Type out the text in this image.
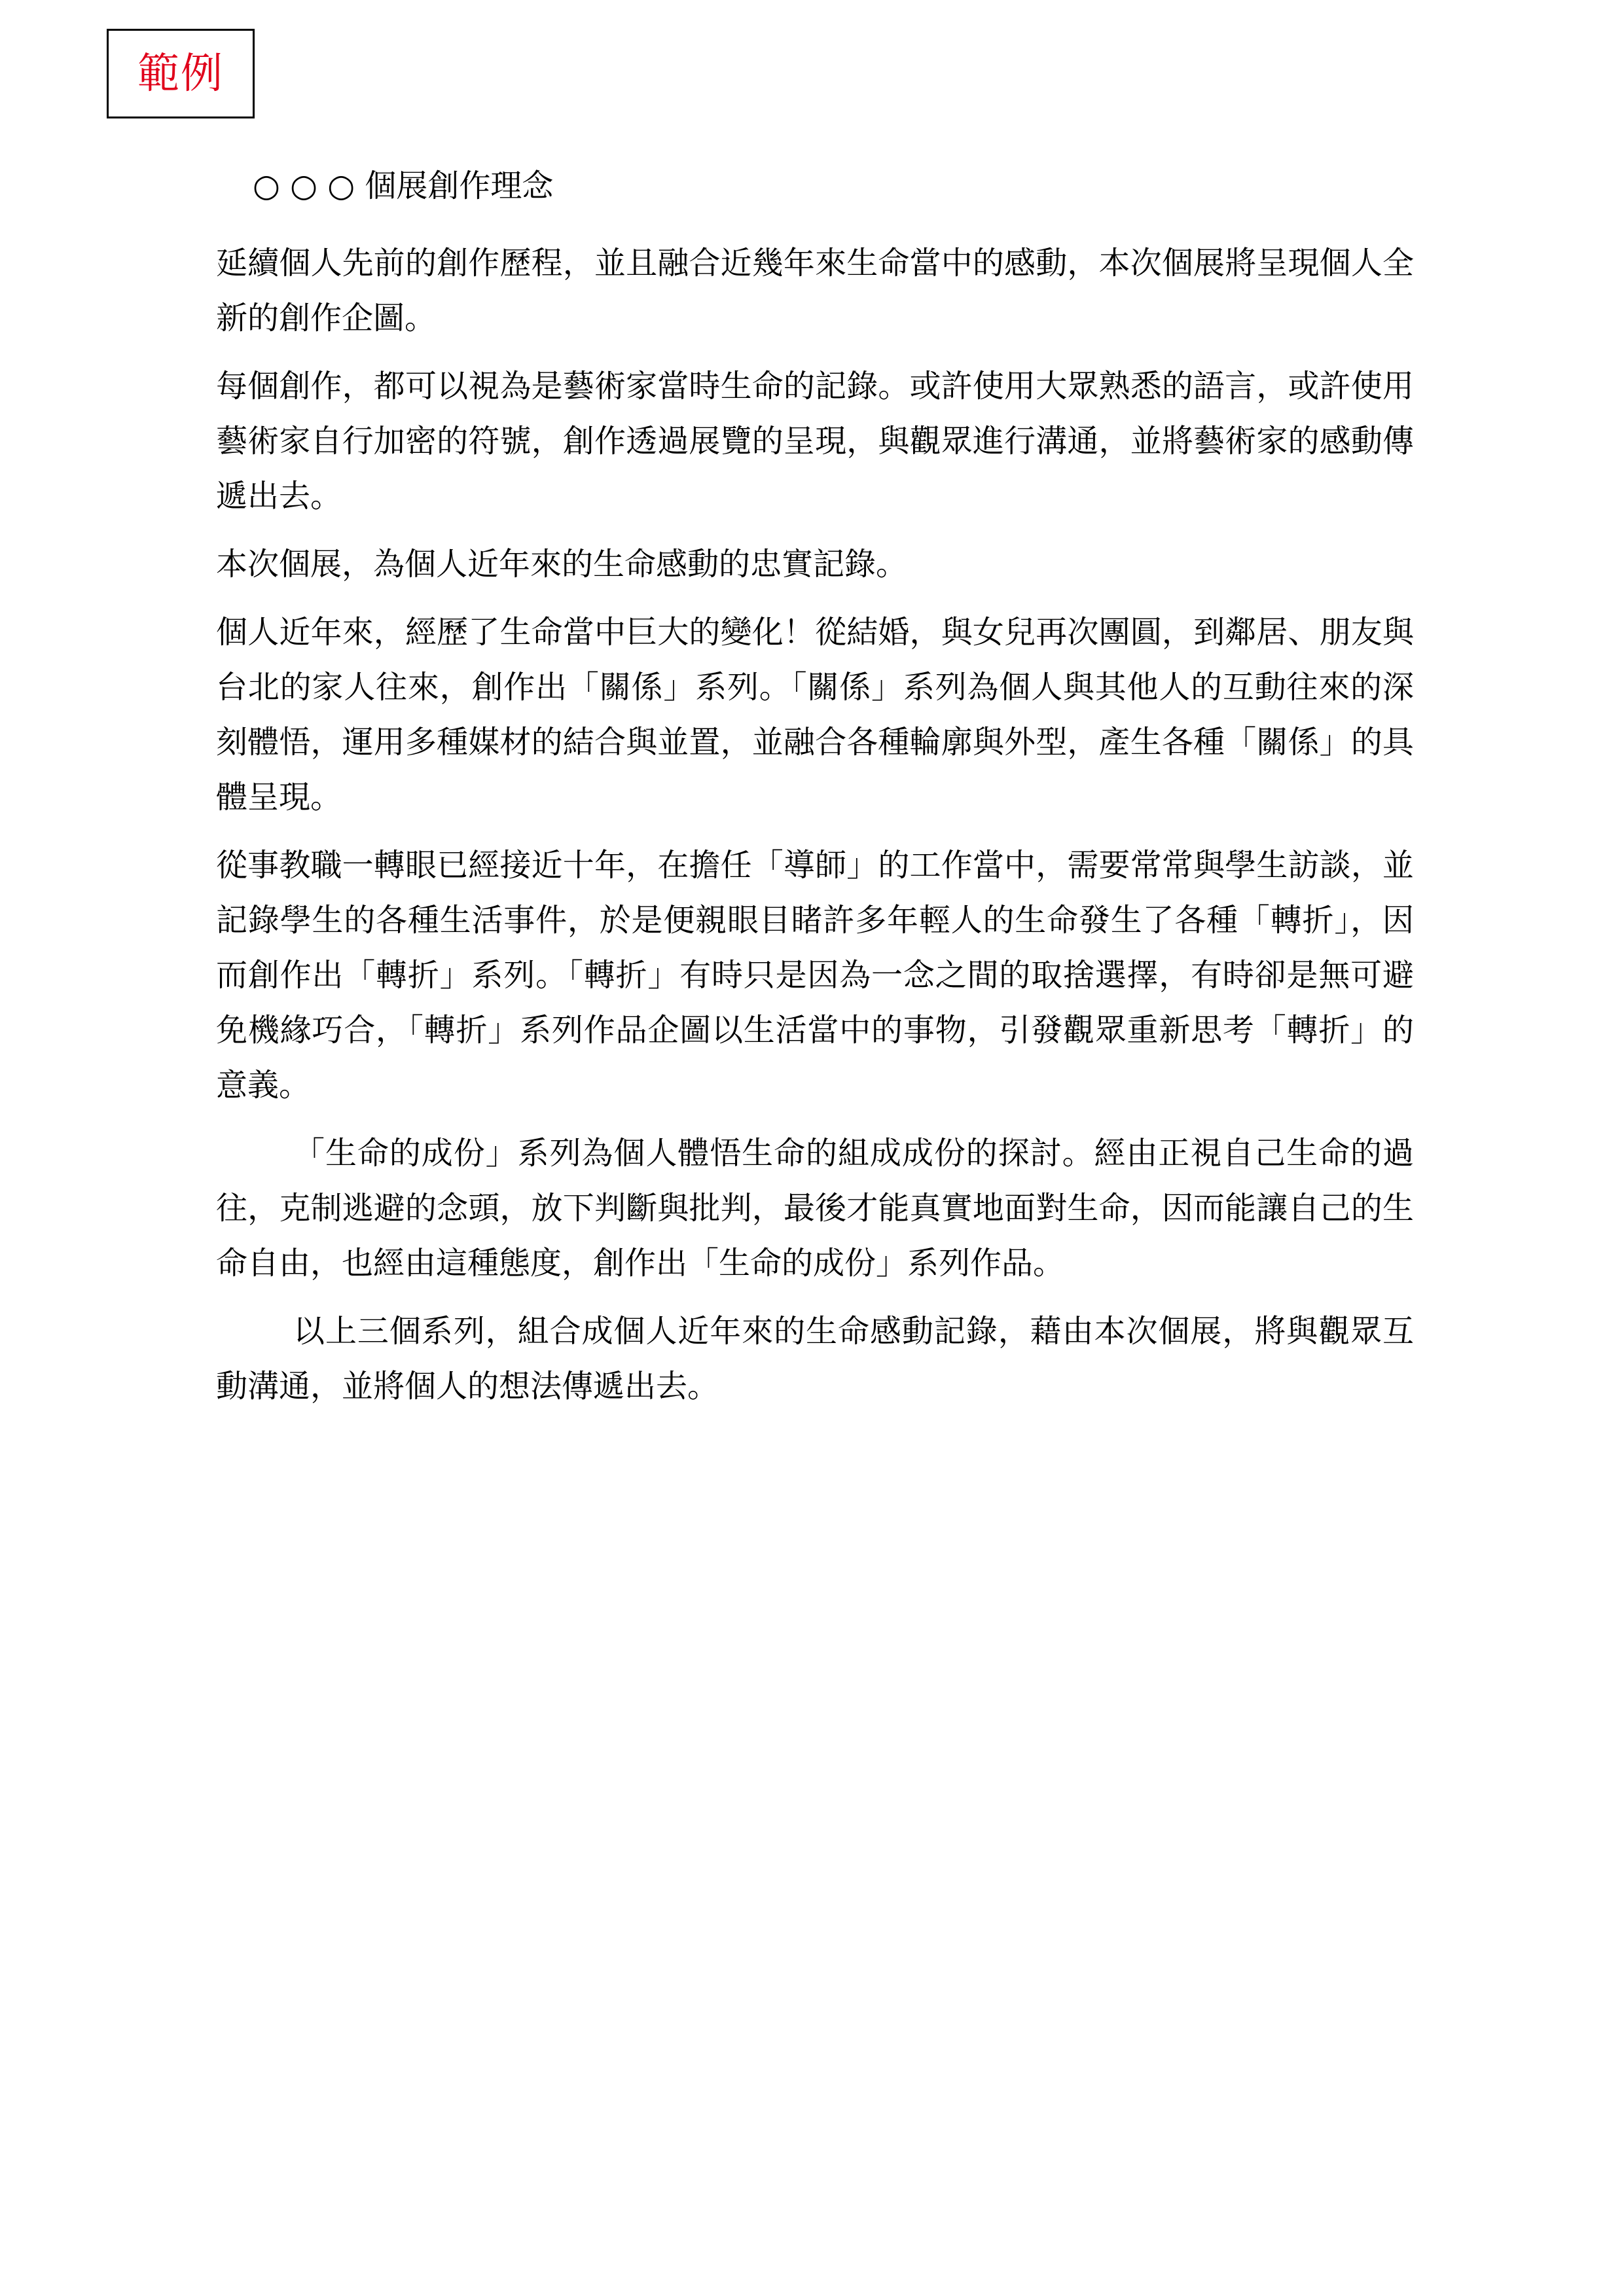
範例
○ ○ ○ 個展創作理念

延續個人先前的創作歷程，並且融合近幾年來生命當中的感動，本次個展將呈現個人全新的創作企圖。

每個創作，都可以視為是藝術家當時生命的記錄。或許使用大眾熟悉的語言，或許使用藝術家自行加密的符號，創作透過展覽的呈現，與觀眾進行溝通，並將藝術家的感動傳遞出去。

本次個展，為個人近年來的生命感動的忠實記錄。

個人近年來，經歷了生命當中巨大的變化！從結婚，與女兒再次團圓，到鄰居、朋友與台北的家人往來，創作出「關係」系列。「關係」系列為個人與其他人的互動往來的深刻體悟，運用多種媒材的結合與並置，並融合各種輪廓與外型，產生各種「關係」的具體呈現。

從事教職一轉眼已經接近十年，在擔任「導師」的工作當中，需要常常與學生訪談，並記錄學生的各種生活事件，於是便親眼目睹許多年輕人的生命發生了各種「轉折」，因而創作出「轉折」系列。「轉折」有時只是因為一念之間的取捨選擇，有時卻是無可避免機緣巧合，「轉折」系列作品企圖以生活當中的事物，引發觀眾重新思考「轉折」的意義。

「生命的成份」系列為個人體悟生命的組成成份的探討。經由正視自己生命的過往，克制逃避的念頭，放下判斷與批判，最後才能真實地面對生命，因而能讓自己的生命自由，也經由這種態度，創作出「生命的成份」系列作品。

以上三個系列，組合成個人近年來的生命感動記錄，藉由本次個展，將與觀眾互動溝通，並將個人的想法傳遞出去。
